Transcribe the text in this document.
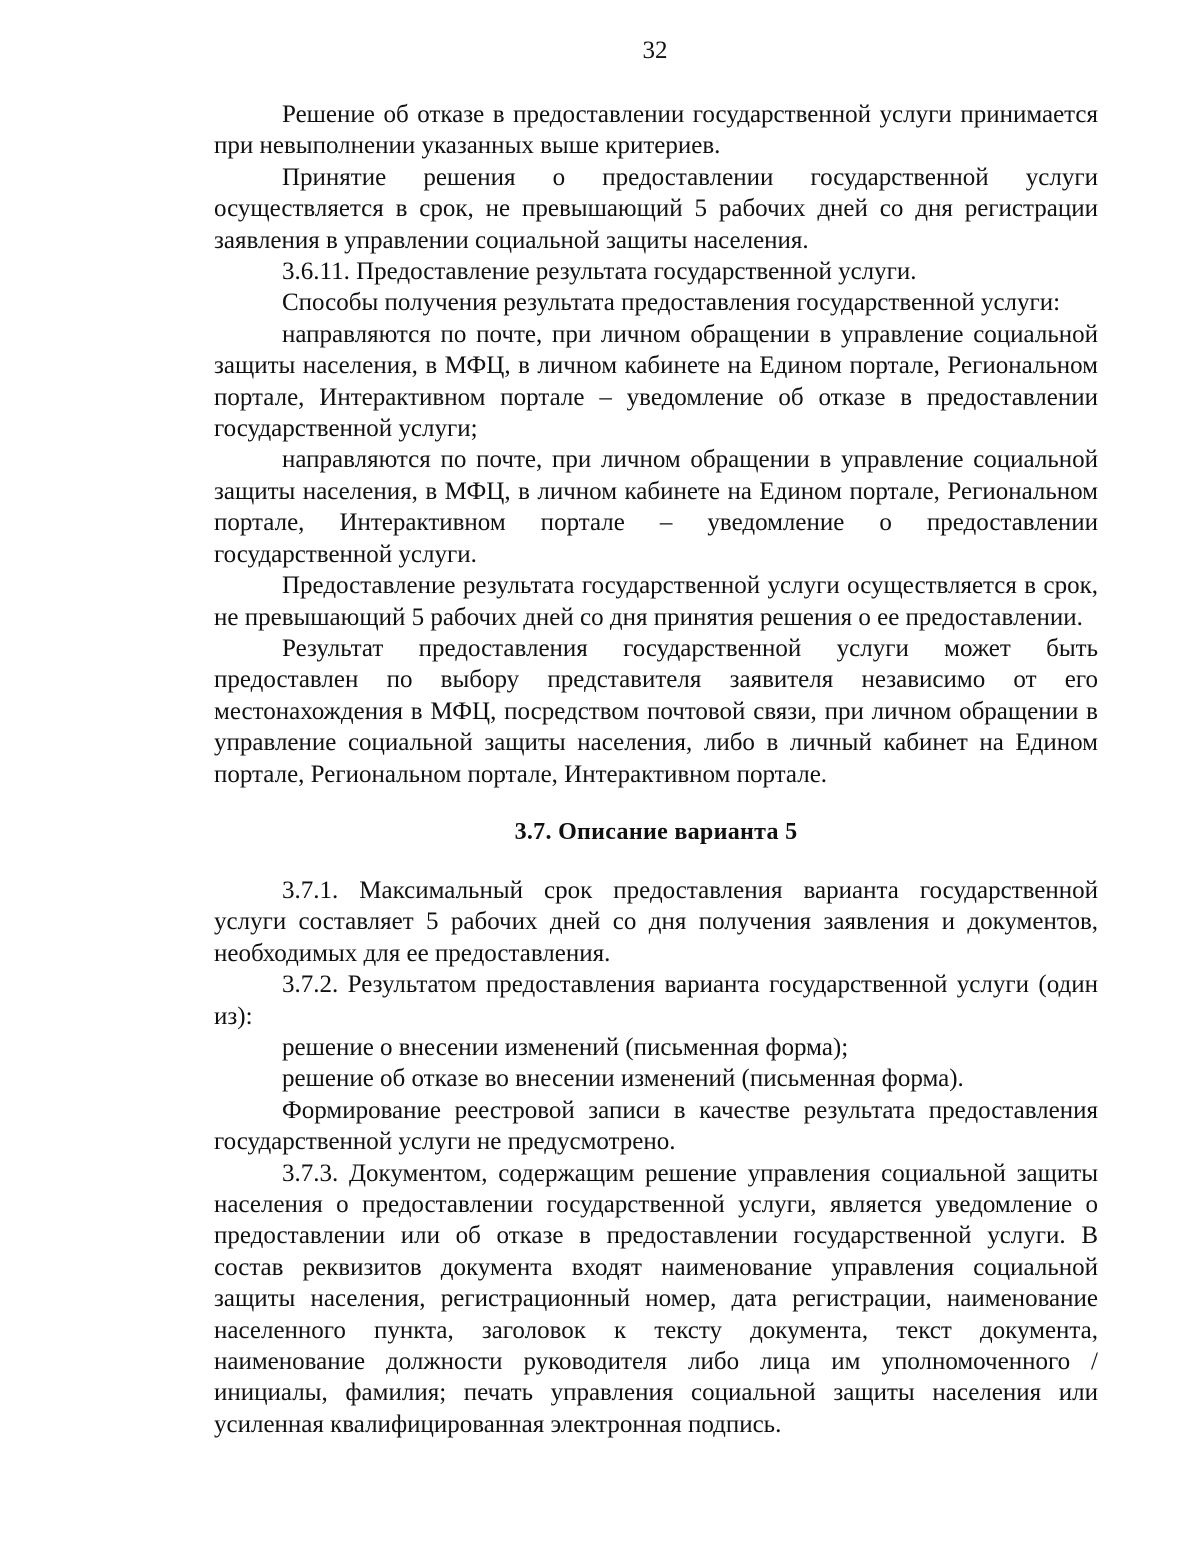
32

Решение об отказе в предоставлении государственной услуги принимается при невыполнении указанных выше критериев.

Принятие решения о предоставлении государственной услуги осуществляется в срок, не превышающий 5 рабочих дней со дня регистрации заявления в управлении социальной защиты населения.

3.6.11. Предоставление результата государственной услуги.

Способы получения результата предоставления государственной услуги:

направляются по почте, при личном обращении в управление социальной защиты населения, в МФЦ, в личном кабинете на Едином портале, Региональном портале, Интерактивном портале – уведомление об отказе в предоставлении государственной услуги;

направляются по почте, при личном обращении в управление социальной защиты населения, в МФЦ, в личном кабинете на Едином портале, Региональном портале, Интерактивном портале – уведомление о предоставлении государственной услуги.

Предоставление результата государственной услуги осуществляется в срок, не превышающий 5 рабочих дней со дня принятия решения о ее предоставлении.

Результат предоставления государственной услуги может быть предоставлен по выбору представителя заявителя независимо от его местонахождения в МФЦ, посредством почтовой связи, при личном обращении в управление социальной защиты населения, либо в личный кабинет на Едином портале, Региональном портале, Интерактивном портале.

3.7. Описание варианта 5

3.7.1. Максимальный срок предоставления варианта государственной услуги составляет 5 рабочих дней со дня получения заявления и документов, необходимых для ее предоставления.

3.7.2. Результатом предоставления варианта государственной услуги (один из):

решение о внесении изменений (письменная форма);

решение об отказе во внесении изменений (письменная форма).

Формирование реестровой записи в качестве результата предоставления государственной услуги не предусмотрено.

3.7.3. Документом, содержащим решение управления социальной защиты населения о предоставлении государственной услуги, является уведомление о предоставлении или об отказе в предоставлении государственной услуги. В состав реквизитов документа входят наименование управления социальной защиты населения, регистрационный номер, дата регистрации, наименование населенного пункта, заголовок к тексту документа, текст документа, наименование должности руководителя либо лица им уполномоченного / инициалы, фамилия; печать управления социальной защиты населения или усиленная квалифицированная электронная подпись.
